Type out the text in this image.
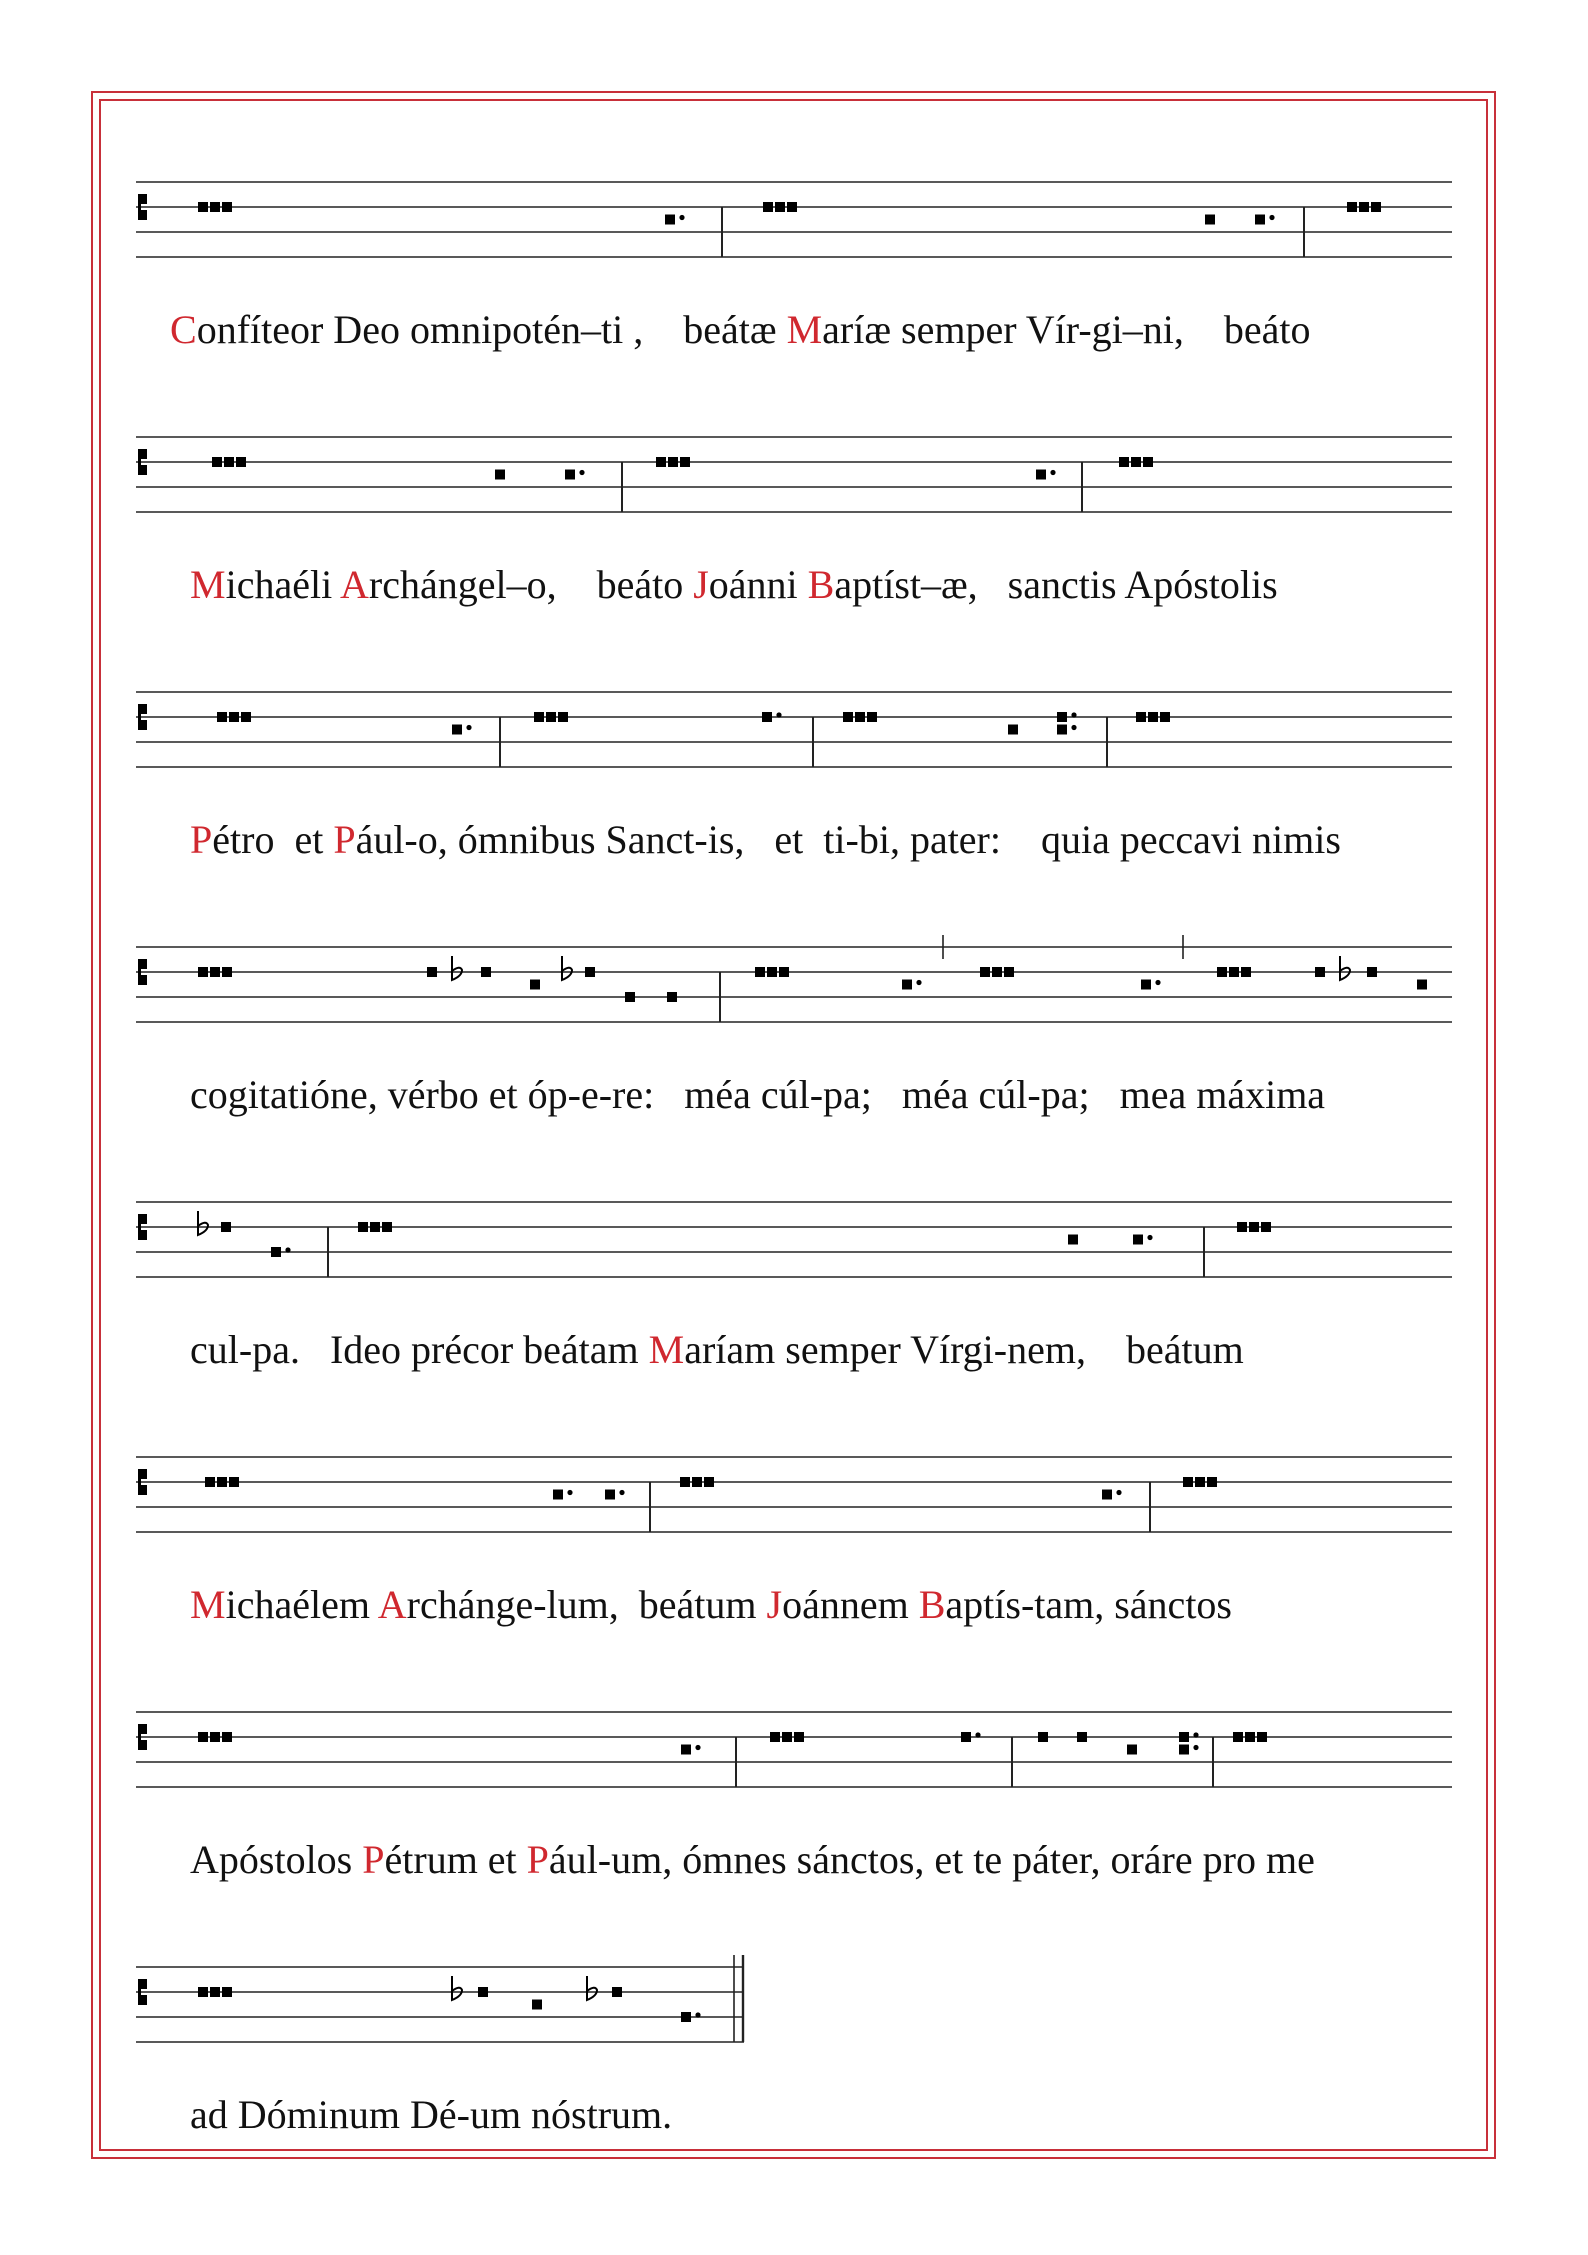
Confíteor Deo omnipotén–ti ,    beátæ Maríæ semper Vír-gi–ni,    beáto
Michaéli Archángel–o,    beáto Joánni Baptíst–æ,   sanctis Apóstolis
Pétro  et Pául-o, ómnibus Sanct-is,   et  ti-bi, pater:    quia peccavi nimis
cogitatióne, vérbo et óp-e-re:   méa cúl-pa;   méa cúl-pa;   mea máxima
cul-pa.   Ideo précor beátam Maríam semper Vírgi-nem,    beátum
Michaélem Archánge-lum,  beátum Joánnem Baptís-tam, sánctos
Apóstolos Pétrum et Pául-um, ómnes sánctos, et te páter, oráre pro me
ad Dóminum Dé-um nóstrum.
